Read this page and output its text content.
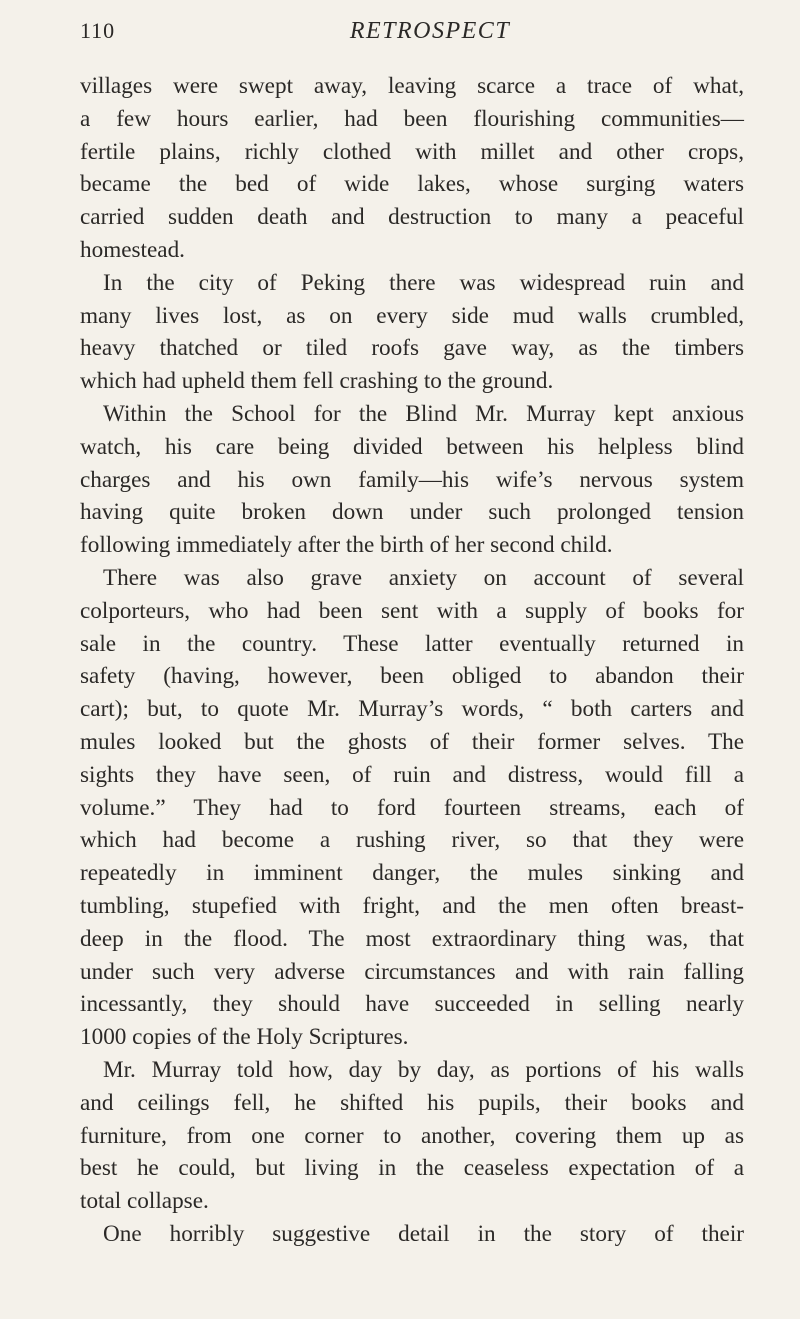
110	RETROSPECT
villages were swept away, leaving scarce a trace of what,
a few hours earlier, had been flourishing communities—
fertile plains, richly clothed with millet and other crops,
became the bed of wide lakes, whose surging waters
carried sudden death and destruction to many a peaceful
homestead.
In the city of Peking there was widespread ruin and
many lives lost, as on every side mud walls crumbled,
heavy thatched or tiled roofs gave way, as the timbers
which had upheld them fell crashing to the ground.
Within the School for the Blind Mr. Murray kept anxious
watch, his care being divided between his helpless blind
charges and his own family—his wife’s nervous system
having quite broken down under such prolonged tension
following immediately after the birth of her second child.
There was also grave anxiety on account of several
colporteurs, who had been sent with a supply of books for
sale in the country. These latter eventually returned in
safety (having, however, been obliged to abandon their
cart); but, to quote Mr. Murray’s words, “ both carters and
mules looked but the ghosts of their former selves. The
sights they have seen, of ruin and distress, would fill a
volume.” They had to ford fourteen streams, each of
which had become a rushing river, so that they were
repeatedly in imminent danger, the mules sinking and
tumbling, stupefied with fright, and the men often breast-
deep in the flood. The most extraordinary thing was, that
under such very adverse circumstances and with rain falling
incessantly, they should have succeeded in selling nearly
1000 copies of the Holy Scriptures.
Mr. Murray told how, day by day, as portions of his walls
and ceilings fell, he shifted his pupils, their books and
furniture, from one corner to another, covering them up as
best he could, but living in the ceaseless expectation of a
total collapse.
One horribly suggestive detail in the story of their
